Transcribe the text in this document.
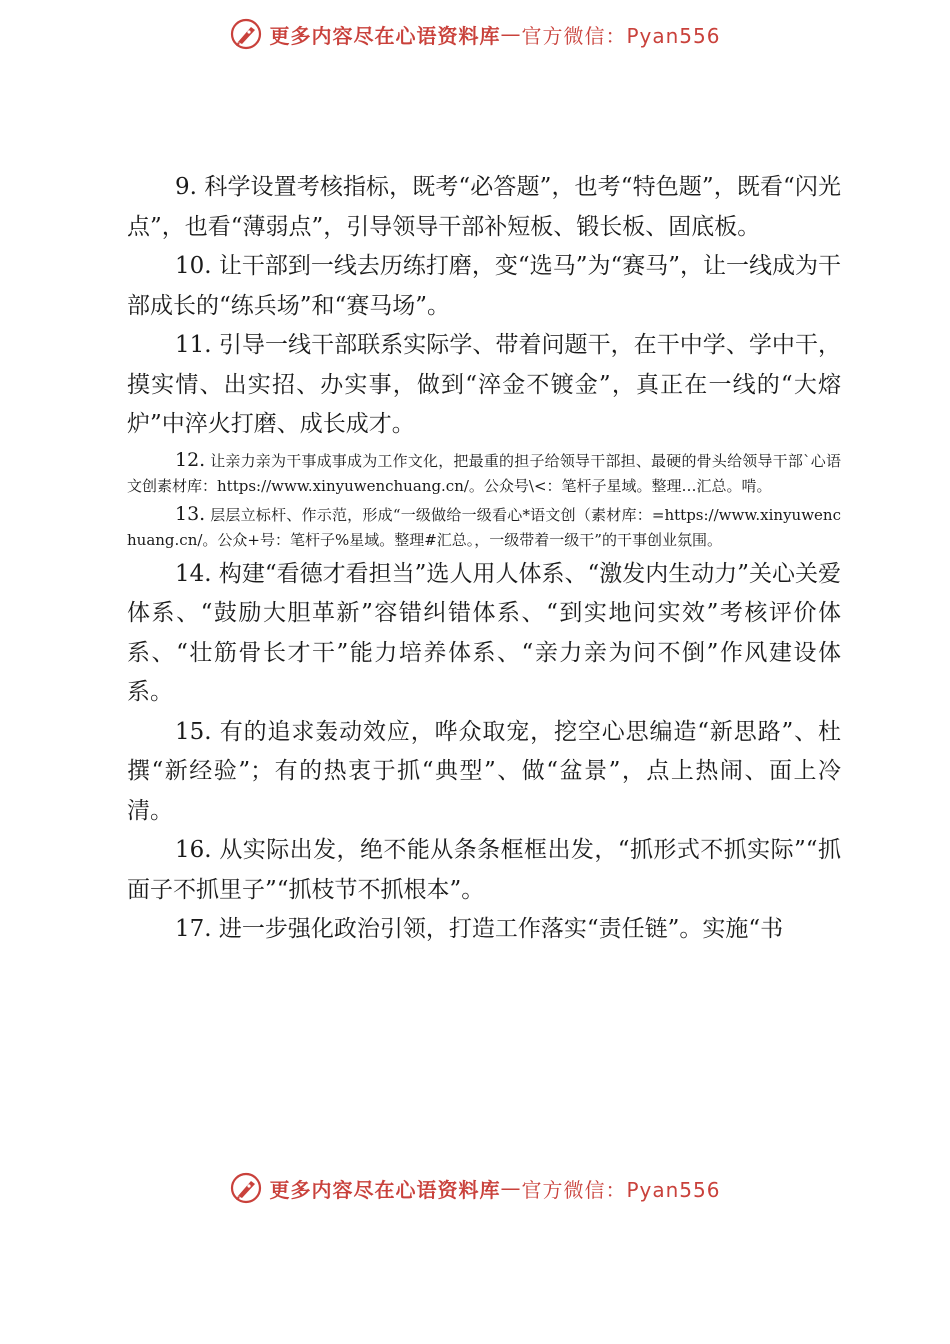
更多内容尽在心语资料库 — 官方微信：Pyan556

9. 科学设置考核指标，既考“必答题”，也考“特色题”，既看“闪光点”，也看“薄弱点”，引导领导干部补短板、锻长板、固底板。

10. 让干部到一线去历练打磨，变“选马”为“赛马”，让一线成为干部成长的“练兵场”和“赛马场”。

11. 引导一线干部联系实际学、带着问题干，在干中学、学中干，摸实情、出实招、办实事，做到“淬金不镀金”，真正在一线的“大熔炉”中淬火打磨、成长成才。

12. 让亲力亲为干事成事成为工作文化，把最重的担子给领导干部担、最硬的骨头给领导干部`心语文创素材库：https://www.xinyuwenchuang.cn/。公众号\<：笔杆子星域。整理…汇总。啃。

13. 层层立标杆、作示范，形成“一级做给一级看心*语文创（素材库：=https://www.xinyuwenchuang.cn/。公众+号：笔杆子%星域。整理#汇总。，一级带着一级干”的干事创业氛围。

14. 构建“看德才看担当”选人用人体系、“激发内生动力”关心关爱体系、“鼓励大胆革新”容错纠错体系、“到实地问实效”考核评价体系、“壮筋骨长才干”能力培养体系、“亲力亲为问不倒”作风建设体系。

15. 有的追求轰动效应，哗众取宠，挖空心思编造“新思路”、杜撰“新经验”；有的热衷于抓“典型”、做“盆景”，点上热闹、面上冷清。

16. 从实际出发，绝不能从条条框框出发，“抓形式不抓实际”“抓面子不抓里子”“抓枝节不抓根本”。

17. 进一步强化政治引领，打造工作落实“责任链”。实施“书

更多内容尽在心语资料库 — 官方微信：Pyan556
